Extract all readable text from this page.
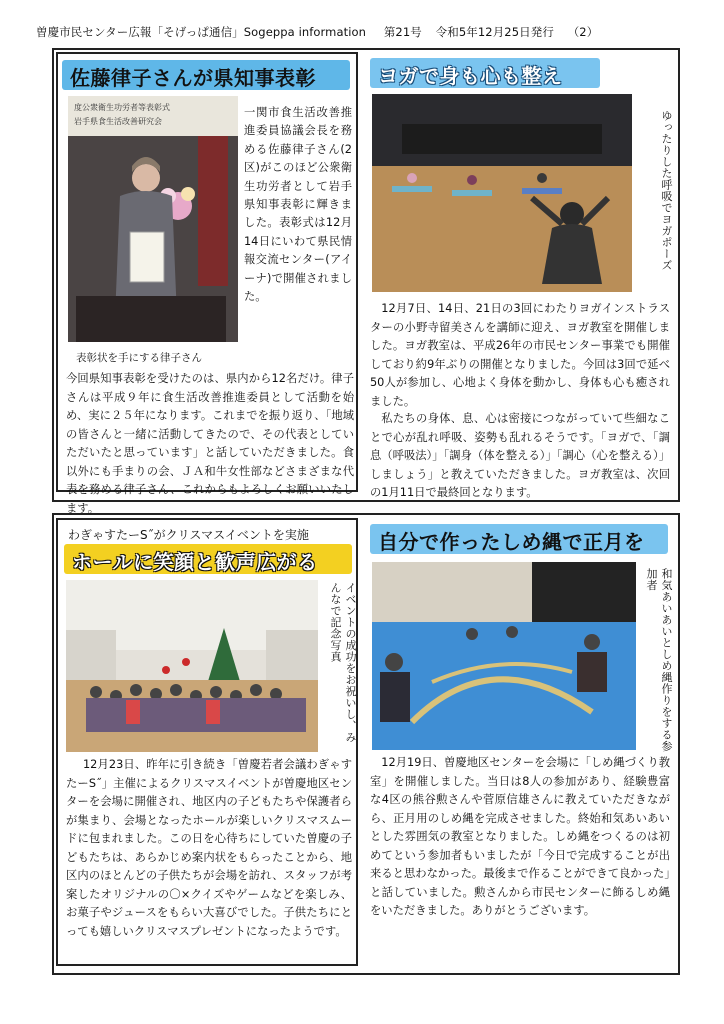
曽慶市民センター広報「そげっぱ通信」Sogeppa information 第21号 令和5年12月25日発行 （2）
佐藤律子さんが県知事表彰
度公衆衛生功労者等表彰式
岩手県食生活改善研究会
表彰状を手にする律子さん
一関市食生活改善推進委員協議会長を務める佐藤律子さん(2区)がこのほど公衆衛生功労者として岩手県知事表彰に輝きました。表彰式は12月14日にいわて県民情報交流センター(アイーナ)で開催されました。
今回県知事表彰を受けたのは、県内から12名だけ。律子さんは平成９年に食生活改善推進委員として活動を始め、実に２５年になります。これまでを振り返り、「地域の皆さんと一緒に活動してきたので、その代表としていただいたと思っています」と話していただきました。食以外にも手まりの会、ＪＡ和牛女性部などさまざまな代表を務める律子さん、これからもよろしくお願いいたします。
ヨガで身も心も整え
ゆったりした呼吸でヨガポーズ
12月7日、14日、21日の3回にわたりヨガインストラスターの小野寺留美さんを講師に迎え、ヨガ教室を開催しました。ヨガ教室は、平成26年の市民センター事業でも開催しており約9年ぶりの開催となりました。今回は3回で延べ50人が参加し、心地よく身体を動かし、身体も心も癒されました。
私たちの身体、息、心は密接につながっていて些細なことで心が乱れ呼吸、姿勢も乱れるそうです。「ヨガで、「調息（呼吸法）」「調身（体を整える）」「調心（心を整える）」しましょう」と教えていただきました。ヨガ教室は、次回の1月11日で最終回となります。
わぎゃすたーS˝がクリスマスイベントを実施
ホールに笑顔と歓声広がる
イベントの成功をお祝いし、みんなで記念写真
12月23日、昨年に引き続き「曽慶若者会議わぎゃすたーS˝」主催によるクリスマスイベントが曽慶地区センターを会場に開催され、地区内の子どもたちや保護者らが集まり、会場となったホールが楽しいクリスマスムードに包まれました。この日を心待ちにしていた曽慶の子どもたちは、あらかじめ案内状をもらったことから、地区内のほとんどの子供たちが会場を訪れ、スタッフが考案したオリジナルの〇×クイズやゲームなどを楽しみ、お菓子やジュースをもらい大喜びでした。子供たちにとっても嬉しいクリスマスプレゼントになったようです。
自分で作ったしめ縄で正月を
和気あいあいとしめ縄作りをする参加者
12月19日、曽慶地区センターを会場に「しめ縄づくり教室」を開催しました。当日は8人の参加があり、経験豊富な4区の熊谷勲さんや菅原信雄さんに教えていただきながら、正月用のしめ縄を完成させました。終始和気あいあいとした雰囲気の教室となりました。しめ縄をつくるのは初めてという参加者もいましたが「今日で完成することが出来ると思わなかった。最後まで作ることができて良かった」と話していました。勲さんから市民センターに飾るしめ縄をいただきました。ありがとうございます。
